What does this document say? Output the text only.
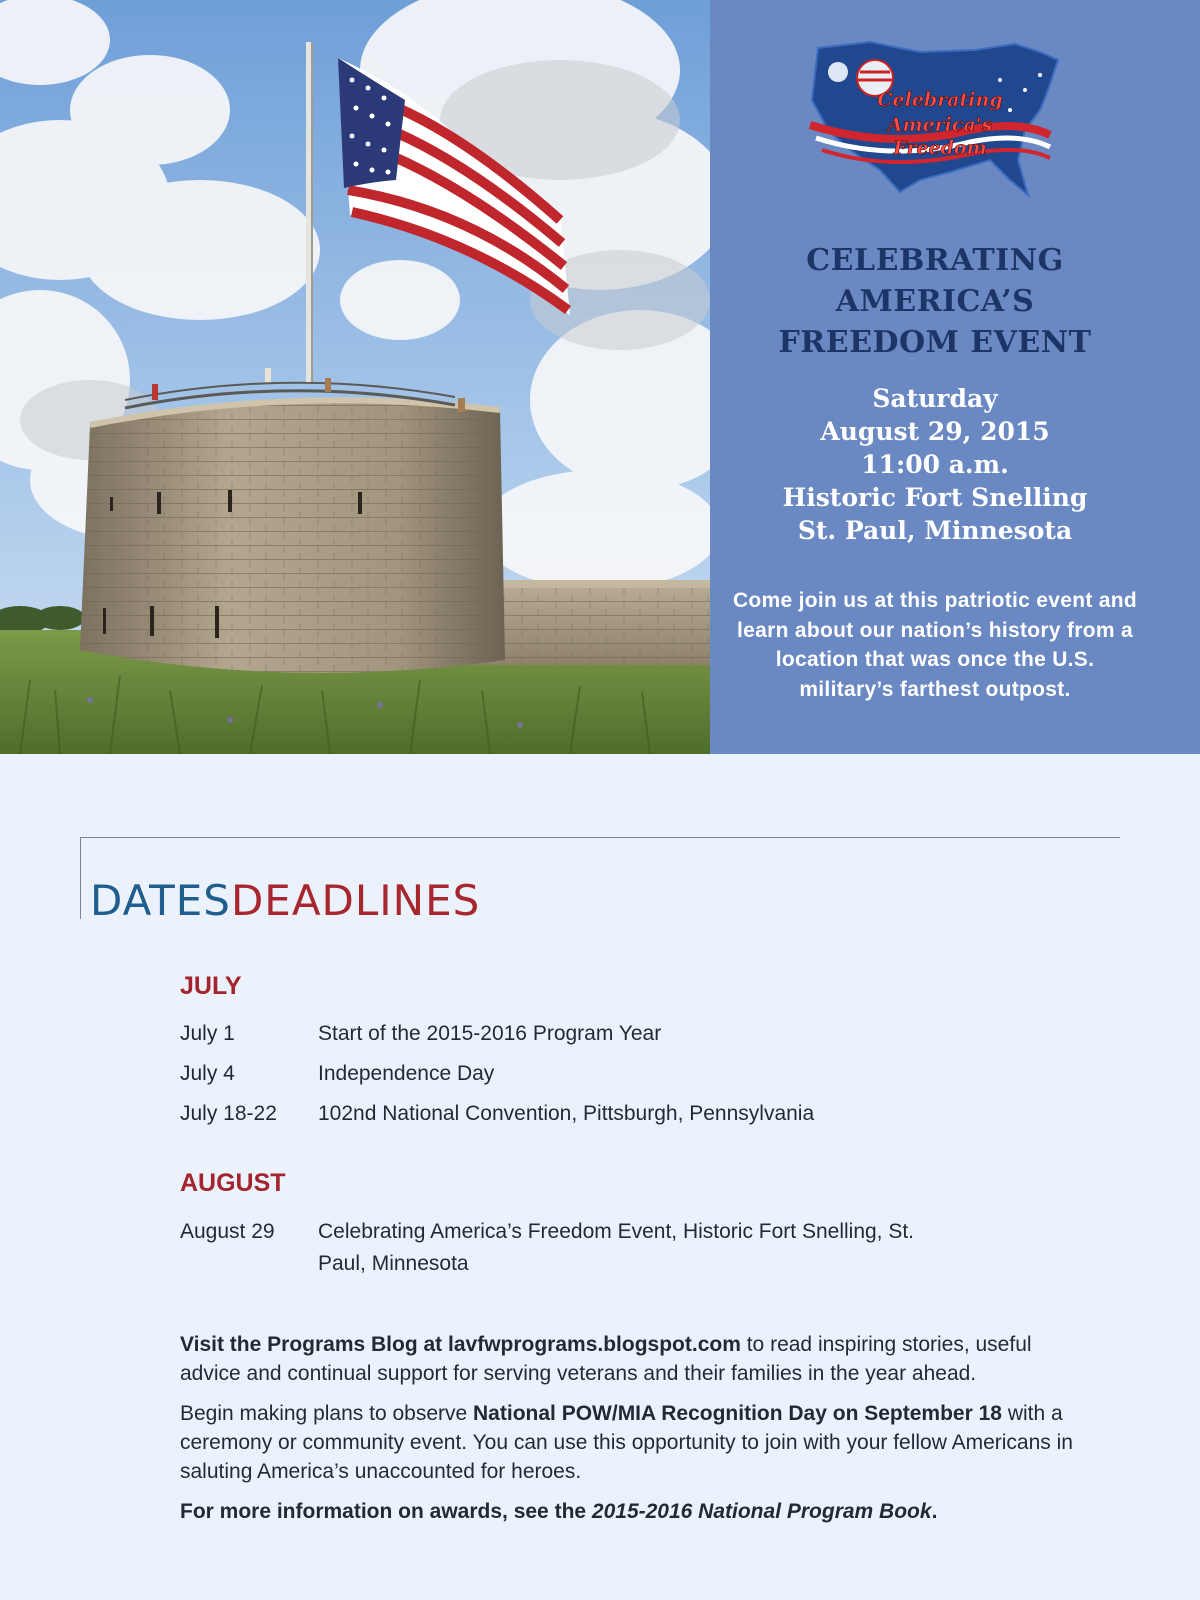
Celebrating
America's
Freedom
CELEBRATING
AMERICA’S
FREEDOM EVENT
Saturday
August 29, 2015
11:00 a.m.
Historic Fort Snelling
St. Paul, Minnesota
Come join us at this patriotic event and learn about our nation’s history from a location that was once the U.S. military’s farthest outpost.
DATESDEADLINES
JULY
July 1	Start of the 2015-2016 Program Year
July 4	Independence Day
July 18-22 102nd National Convention, Pittsburgh, Pennsylvania
AUGUST
August 29 Celebrating America’s Freedom Event, Historic Fort Snelling, St. Paul, Minnesota
Visit the Programs Blog at lavfwprograms.blogspot.com to read inspiring stories, useful advice and continual support for serving veterans and their families in the year ahead.
Begin making plans to observe National POW/MIA Recognition Day on September 18 with a ceremony or community event. You can use this opportunity to join with your fellow Americans in saluting America’s unaccounted for heroes.
For more information on awards, see the 2015-2016 National Program Book.
